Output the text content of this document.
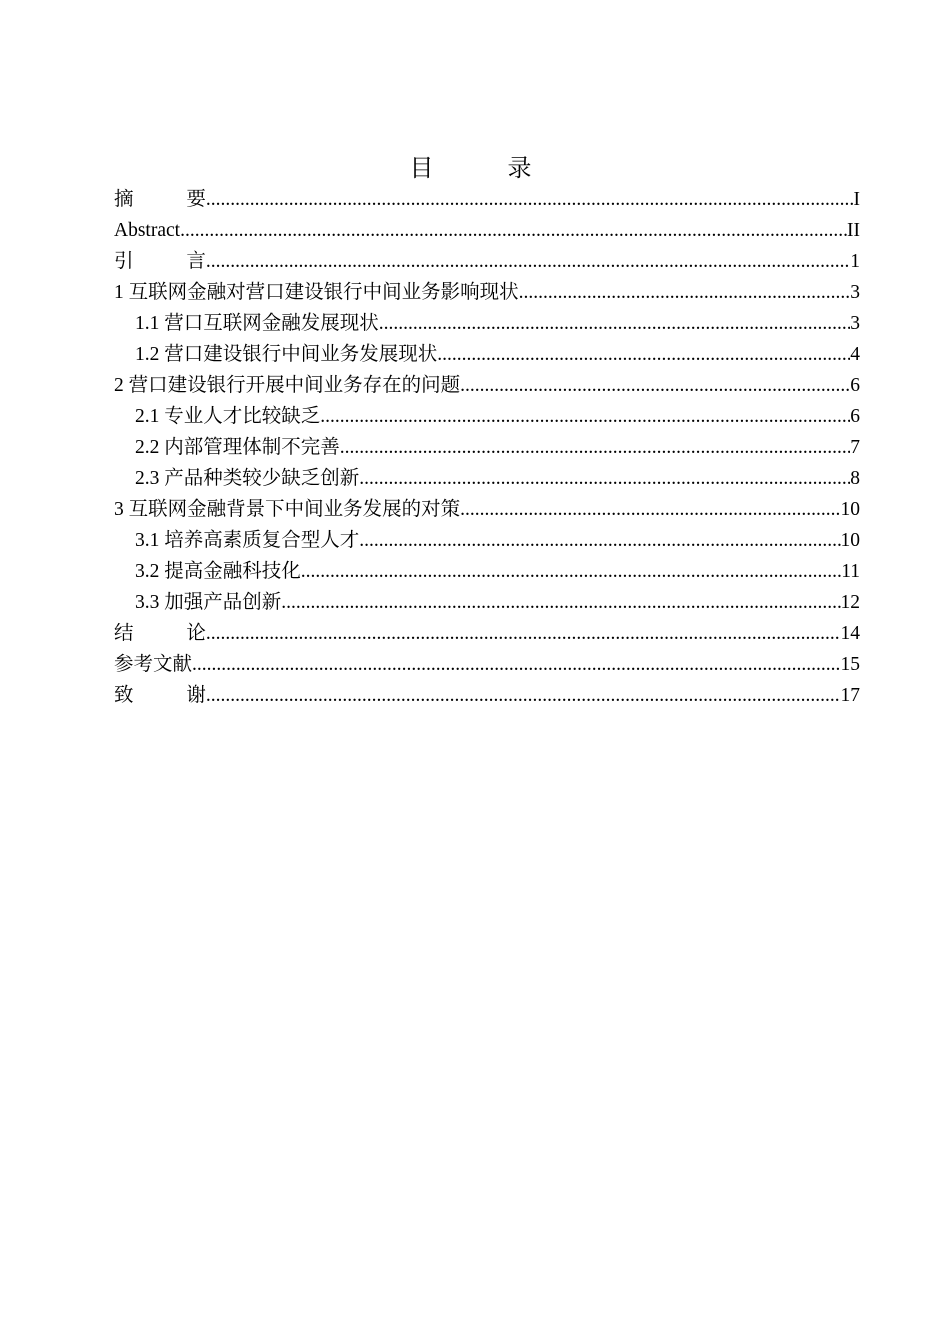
目 录
摘 要 .....	I
Abstract .....	II
引 言 .....	1
1 互联网金融对营口建设银行中间业务影响现状 .....	3
1.1 营口互联网金融发展现状 .....	3
1.2 营口建设银行中间业务发展现状 .....	4
2 营口建设银行开展中间业务存在的问题 .....	6
2.1 专业人才比较缺乏 .....	6
2.2 内部管理体制不完善 .....	7
2.3 产品种类较少缺乏创新 .....	8
3 互联网金融背景下中间业务发展的对策 .....	10
3.1 培养高素质复合型人才 .....	10
3.2 提高金融科技化 .....	11
3.3 加强产品创新 .....	12
结 论 .....	14
参考文献 .....	15
致 谢 .....	17
